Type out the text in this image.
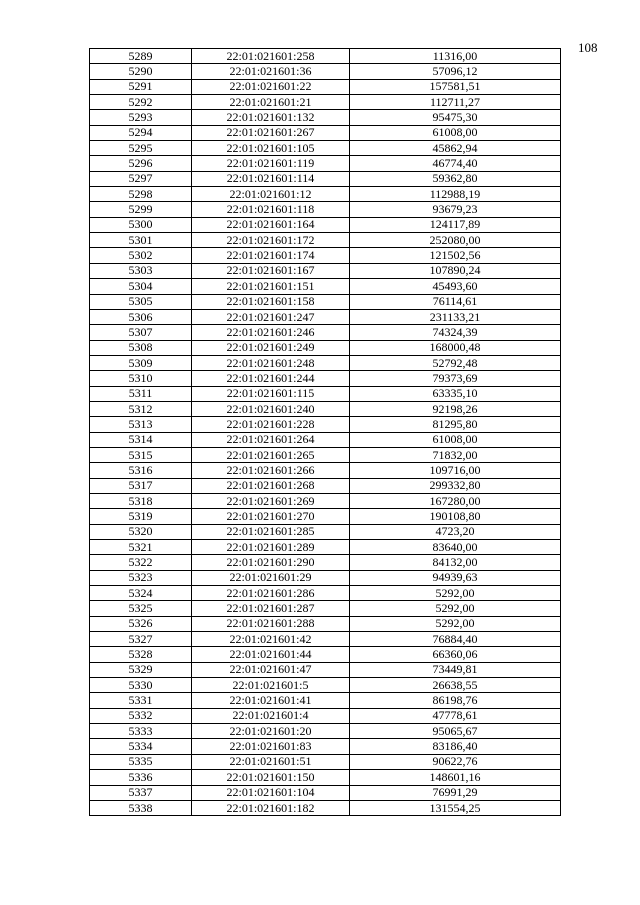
108
5289	22:01:021601:258	11316,00
5290	22:01:021601:36	57096,12
5291	22:01:021601:22	157581,51
5292	22:01:021601:21	112711,27
5293	22:01:021601:132	95475,30
5294	22:01:021601:267	61008,00
5295	22:01:021601:105	45862,94
5296	22:01:021601:119	46774,40
5297	22:01:021601:114	59362,80
5298	22:01:021601:12	112988,19
5299	22:01:021601:118	93679,23
5300	22:01:021601:164	124117,89
5301	22:01:021601:172	252080,00
5302	22:01:021601:174	121502,56
5303	22:01:021601:167	107890,24
5304	22:01:021601:151	45493,60
5305	22:01:021601:158	76114,61
5306	22:01:021601:247	231133,21
5307	22:01:021601:246	74324,39
5308	22:01:021601:249	168000,48
5309	22:01:021601:248	52792,48
5310	22:01:021601:244	79373,69
5311	22:01:021601:115	63335,10
5312	22:01:021601:240	92198,26
5313	22:01:021601:228	81295,80
5314	22:01:021601:264	61008,00
5315	22:01:021601:265	71832,00
5316	22:01:021601:266	109716,00
5317	22:01:021601:268	299332,80
5318	22:01:021601:269	167280,00
5319	22:01:021601:270	190108,80
5320	22:01:021601:285	4723,20
5321	22:01:021601:289	83640,00
5322	22:01:021601:290	84132,00
5323	22:01:021601:29	94939,63
5324	22:01:021601:286	5292,00
5325	22:01:021601:287	5292,00
5326	22:01:021601:288	5292,00
5327	22:01:021601:42	76884,40
5328	22:01:021601:44	66360,06
5329	22:01:021601:47	73449,81
5330	22:01:021601:5	26638,55
5331	22:01:021601:41	86198,76
5332	22:01:021601:4	47778,61
5333	22:01:021601:20	95065,67
5334	22:01:021601:83	83186,40
5335	22:01:021601:51	90622,76
5336	22:01:021601:150	148601,16
5337	22:01:021601:104	76991,29
5338	22:01:021601:182	131554,25
